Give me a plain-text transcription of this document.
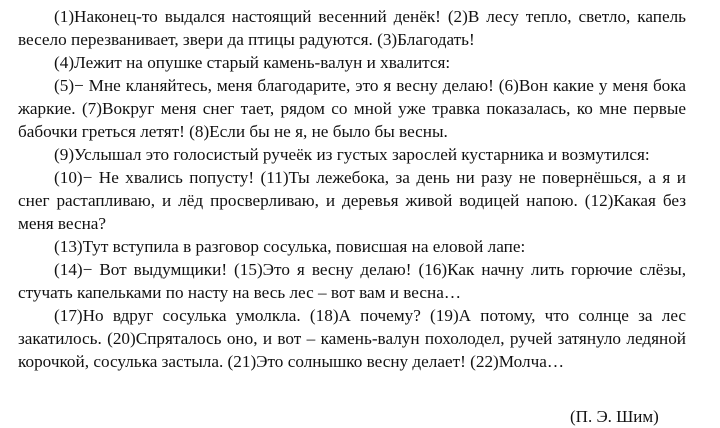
(1)Наконец-то выдался настоящий весенний денёк! (2)В лесу тепло, светло, капель весело перезванивает, звери да птицы радуются. (3)Благодать!

(4)Лежит на опушке старый камень-валун и хвалится:

(5)− Мне кланяйтесь, меня благодарите, это я весну делаю! (6)Вон какие у меня бока жаркие. (7)Вокруг меня снег тает, рядом со мной уже травка показалась, ко мне первые бабочки греться летят! (8)Если бы не я, не было бы весны.

(9)Услышал это голосистый ручеёк из густых зарослей кустарника и возмутился:

(10)− Не хвались попусту! (11)Ты лежебока, за день ни разу не повернёшься, а я и снег растапливаю, и лёд просверливаю, и деревья живой водицей напою. (12)Какая без меня весна?

(13)Тут вступила в разговор сосулька, повисшая на еловой лапе:

(14)− Вот выдумщики! (15)Это я весну делаю! (16)Как начну лить горючие слёзы, стучать капельками по насту на весь лес – вот вам и весна…

(17)Но вдруг сосулька умолкла. (18)А почему? (19)А потому, что солнце за лес закатилось. (20)Спряталось оно, и вот – камень-валун похолодел, ручей затянуло ледяной корочкой, сосулька застыла. (21)Это солнышко весну делает! (22)Молча…

(П. Э. Шим)
